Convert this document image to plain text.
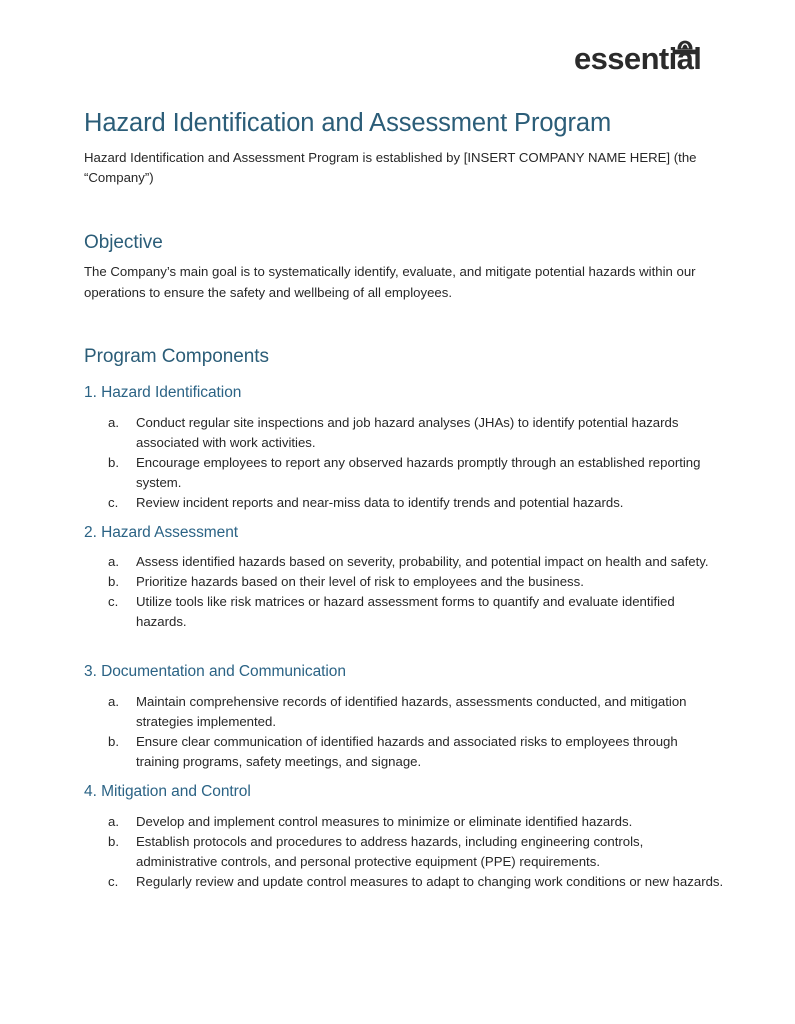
essential
Hazard Identification and Assessment Program

Hazard Identification and Assessment Program is established by [INSERT COMPANY NAME HERE] (the “Company”)

Objective

The Company’s main goal is to systematically identify, evaluate, and mitigate potential hazards within our operations to ensure the safety and wellbeing of all employees.

Program Components
1. Hazard Identification
a.	Conduct regular site inspections and job hazard analyses (JHAs) to identify potential hazards associated with work activities.
b.	Encourage employees to report any observed hazards promptly through an established reporting system.
c.	Review incident reports and near-miss data to identify trends and potential hazards.
2. Hazard Assessment
a.	Assess identified hazards based on severity, probability, and potential impact on health and safety.
b.	Prioritize hazards based on their level of risk to employees and the business.
c.	Utilize tools like risk matrices or hazard assessment forms to quantify and evaluate identified hazards.
3. Documentation and Communication
a.	Maintain comprehensive records of identified hazards, assessments conducted, and mitigation strategies implemented.
b.	Ensure clear communication of identified hazards and associated risks to employees through training programs, safety meetings, and signage.
4. Mitigation and Control
a.	Develop and implement control measures to minimize or eliminate identified hazards.
b.	Establish protocols and procedures to address hazards, including engineering controls, administrative controls, and personal protective equipment (PPE) requirements.
c.	Regularly review and update control measures to adapt to changing work conditions or new hazards.
